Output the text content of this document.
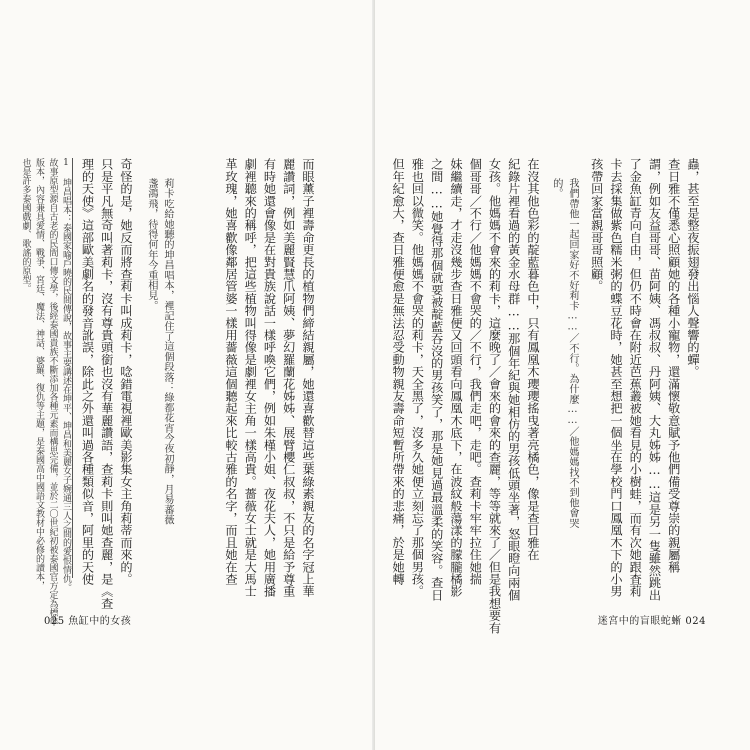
而眼薰子裡壽命更長的植物們締結親屬，她還喜歡替這些葉綠素親友的名字冠上華
麗讚詞，例如美麗賢慧爪阿姨、夢幻羅蘭花姊姊、展臂櫻仁叔叔，不只是給予尊重
有時她還會像是在對貴族說話一樣呼喚它們，例如朱槿小姐、夜花夫人，她用廣播
劇裡聽來的稱呼，把這些植物叫得像是劇裡女主角一樣高貴。薔薇女士就是大馬士
革玫瑰，她喜歡像鄰居管婆一樣用薔薇這個聽起來比較古雅的名字，而且她在查
莉卡吃給她聽的坤昌唱本，裡記住了這個段落：綠都花宵今夜初靜，月易蕃薇
盞鴻飛，待得何年今重相見。
奇怪的是，她反而將查莉卡叫成莉卡，唸錯電視裡歐美影集女主角莉蒂而來的。
只是平凡無奇叫著莉卡，沒有尊貴頭銜也沒有華麗讚語，查莉卡則叫她查麗，是《查
理的天使》這部歐美劇名的發音訛誤，除此之外還叫過各種類似音，阿里的天使
1 坤昌唱本：泰國家喻戶曉的民間傳說，故事主要講述在坤平、坤昌和美麗女子婉通三人之間的愛恨情仇。
故事原型源自古老的民間口傳文學，後經泰國貴族不斷添加各種元素而構思完備，並於二〇世紀初被泰國官方定為標準
版本，內容兼具愛情、戰爭、宮廷、魔法、神話、婆羅、復仇等主題，是泰國高中國語文教材中必修的讀本，
也是許多泰國戲劇、歌謠的原型。
025 魚缸中的女孩
蟲，甚至是整夜振翅發出惱人聲響的蟬。
查日雅不僅悉心照顧她的各種小寵物，還滿懷敬意賦予他們備受尊崇的親屬稱
謂，例如友益哥哥、苗阿姨、馮叔叔、丹阿姨、大丸姊姊……這是另一隻雖然跳出
了金魚缸青向自由，但仍不時會在附近芭蕉叢被她看見的小樹蛙，而有次她跟査莉
卡去採集做紫色糯米粥的蝶豆花時，她甚至想把一個坐在學校門口鳳凰木下的小男
孩帶回家當親哥哥照顧。
我們帶他一起回家好不好莉卡……／不行。為什麼……／他媽媽找不到他會哭
的。
在沒其他色彩的靛藍暮色中，只有鳳凰木瓔瓔搖曳著亮橘色，像是查日雅在
紀錄片裡看過的黃金水母群……那個年紀與她相仿的男孩低頭坐著，怒眼瞪向兩個
女孩。他媽媽不會來的莉卡，這麼晚了／會來的會來的查麗，等等就來了／但是我想要有
個哥哥／不行／他媽媽不會哭的／不行，我們走吧，走吧。查莉卡牢牢拉住她揣
妹繼續走，才走沒幾步查日雅便又回頭看向鳳凰木底下，在波紋般蕩漾的朦朧橘影
之間……她覺得那個就要被靛藍吞沒的男孩笑了，那是她見過最溫柔的笑容。查日
雅也回以微笑。他媽媽不會哭的莉卡，天全黑了，沒多久她便立刻忘了那個男孩。
但年紀愈大，查日雅便愈是無法忍受動物親友壽命短暫所帶來的悲痛，於是她轉
迷宮中的盲眼蛇蜥 024
